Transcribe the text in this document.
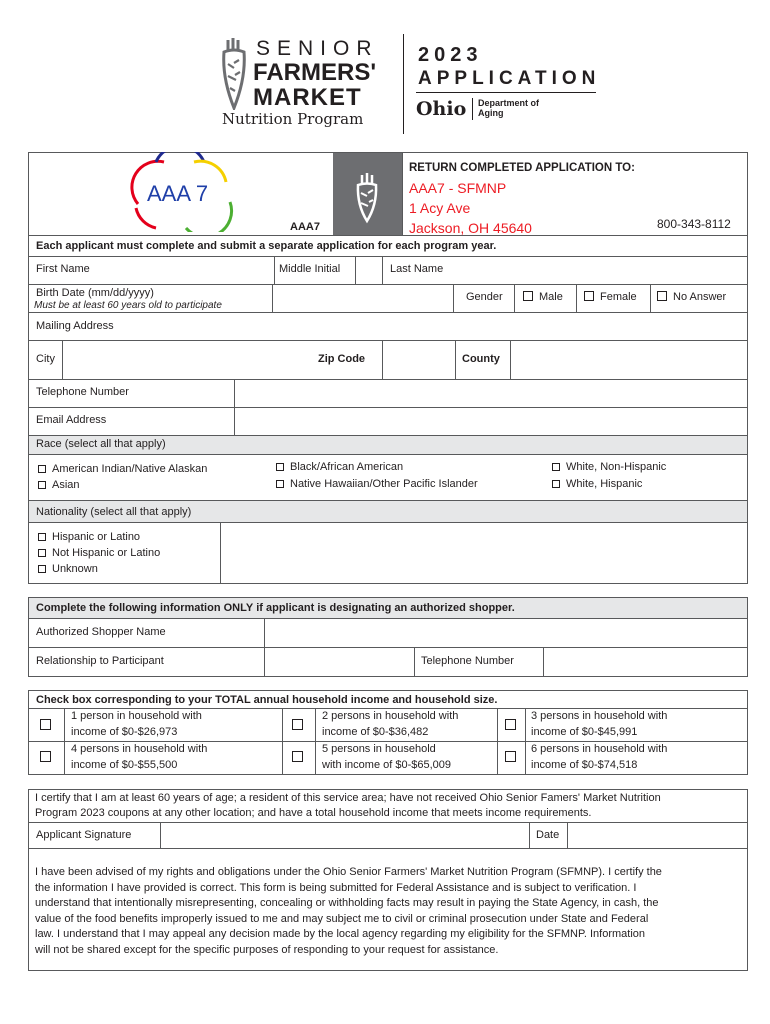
SENIOR
FARMERS'
MARKET
Nutrition Program
2023
APPLICATION
Ohio Department of
Aging
AAA 7
AAA7
RETURN COMPLETED APPLICATION TO:
AAA7 - SFMNP
1 Acy Ave
Jackson, OH 45640	800-343-8112
Each applicant must complete and submit a separate application for each program year.
First Name	Middle Initial	Last Name
Birth Date (mm/dd/yyyy)
Must be at least 60 years old to participate
Gender	Male	Female	No Answer
Mailing Address
City	Zip Code	County
Telephone Number
Email Address
Race (select all that apply)
American Indian/Native Alaskan
Asian
Black/African American
Native Hawaiian/Other Pacific Islander
White, Non-Hispanic
White, Hispanic
Nationality (select all that apply)
Hispanic or Latino
Not Hispanic or Latino
Unknown
Complete the following information ONLY if applicant is designating an authorized shopper.
Authorized Shopper Name
Relationship to Participant	Telephone Number
Check box corresponding to your TOTAL annual household income and household size.
1 person in household with
income of $0-$26,973
2 persons in household with
income of $0-$36,482
3 persons in household with
income of $0-$45,991
4 persons in household with
income of $0-$55,500
5 persons in household
with income of $0-$65,009
6 persons in household with
income of $0-$74,518
I certify that I am at least 60 years of age; a resident of this service area; have not received Ohio Senior Famers' Market Nutrition
Program 2023 coupons at any other location; and have a total household income that meets income requirements.
Applicant Signature	Date
I have been advised of my rights and obligations under the Ohio Senior Farmers' Market Nutrition Program (SFMNP). I certify the
the information I have provided is correct. This form is being submitted for Federal Assistance and is subject to verification. I
understand that intentionally misrepresenting, concealing or withholding facts may result in paying the State Agency, in cash, the
value of the food benefits improperly issued to me and may subject me to civil or criminal prosecution under State and Federal
law. I understand that I may appeal any decision made by the local agency regarding my eligibility for the SFMNP. Information
will not be shared except for the specific purposes of responding to your request for assistance.
